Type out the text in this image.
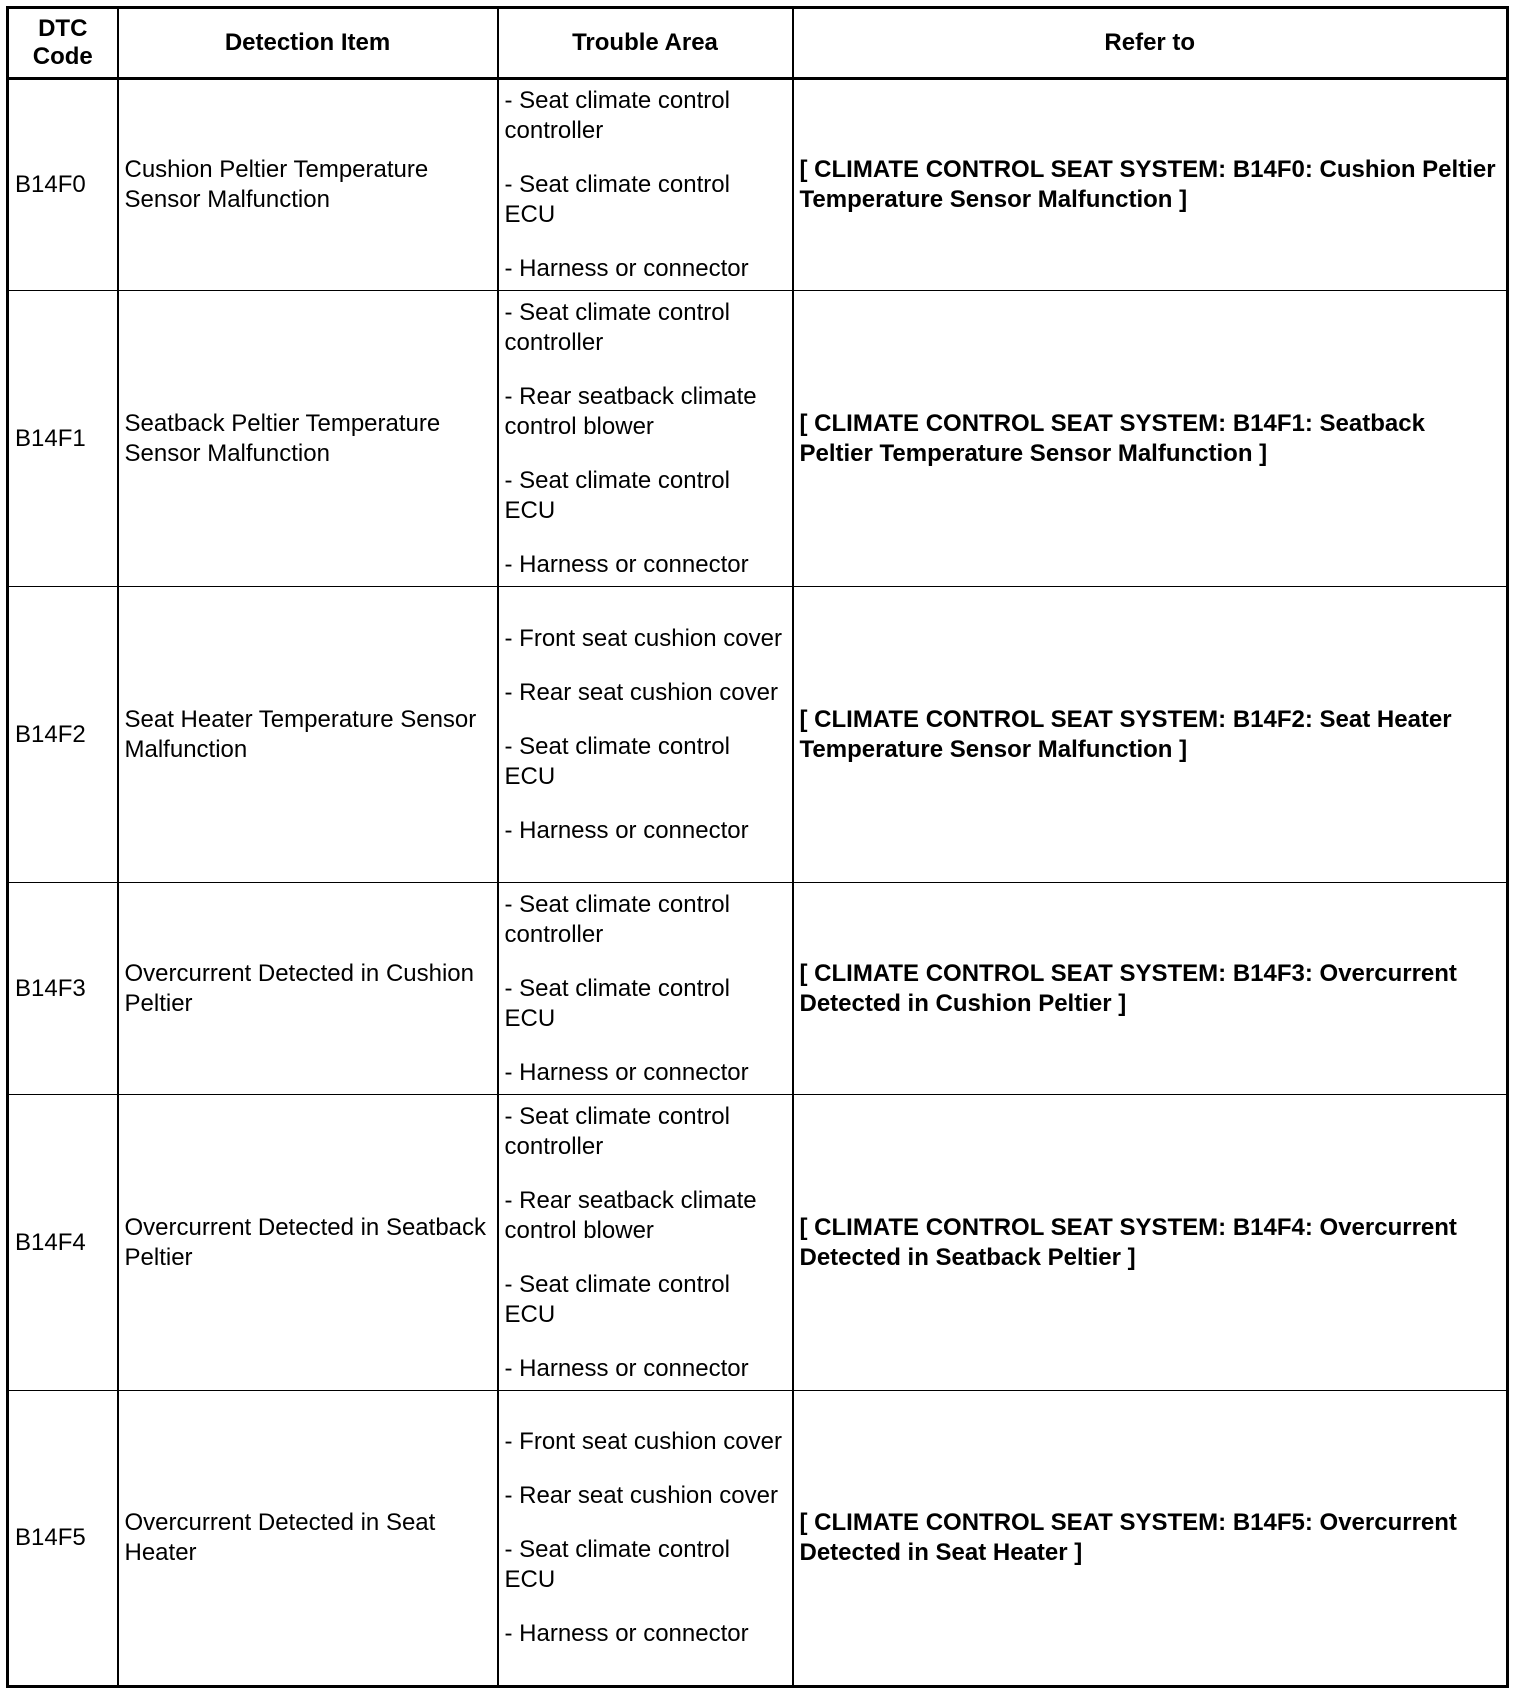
DTC
Code	Detection Item	Trouble Area	Refer to
B14F0	Cushion Peltier Temperature Sensor Malfunction	- Seat climate control controller
- Seat climate control ECU
- Harness or connector	[ CLIMATE CONTROL SEAT SYSTEM: B14F0: Cushion Peltier Temperature Sensor Malfunction ]
B14F1	Seatback Peltier Temperature Sensor Malfunction	- Seat climate control controller
- Rear seatback climate control blower
- Seat climate control ECU
- Harness or connector	[ CLIMATE CONTROL SEAT SYSTEM: B14F1: Seatback Peltier Temperature Sensor Malfunction ]
B14F2	Seat Heater Temperature Sensor Malfunction	- Front seat cushion cover
- Rear seat cushion cover
- Seat climate control ECU
- Harness or connector	[ CLIMATE CONTROL SEAT SYSTEM: B14F2: Seat Heater Temperature Sensor Malfunction ]
B14F3	Overcurrent Detected in Cushion Peltier	- Seat climate control controller
- Seat climate control ECU
- Harness or connector	[ CLIMATE CONTROL SEAT SYSTEM: B14F3: Overcurrent Detected in Cushion Peltier ]
B14F4	Overcurrent Detected in Seatback Peltier	- Seat climate control controller
- Rear seatback climate control blower
- Seat climate control ECU
- Harness or connector	[ CLIMATE CONTROL SEAT SYSTEM: B14F4: Overcurrent Detected in Seatback Peltier ]
B14F5	Overcurrent Detected in Seat Heater	- Front seat cushion cover
- Rear seat cushion cover
- Seat climate control ECU
- Harness or connector	[ CLIMATE CONTROL SEAT SYSTEM: B14F5: Overcurrent Detected in Seat Heater ]
